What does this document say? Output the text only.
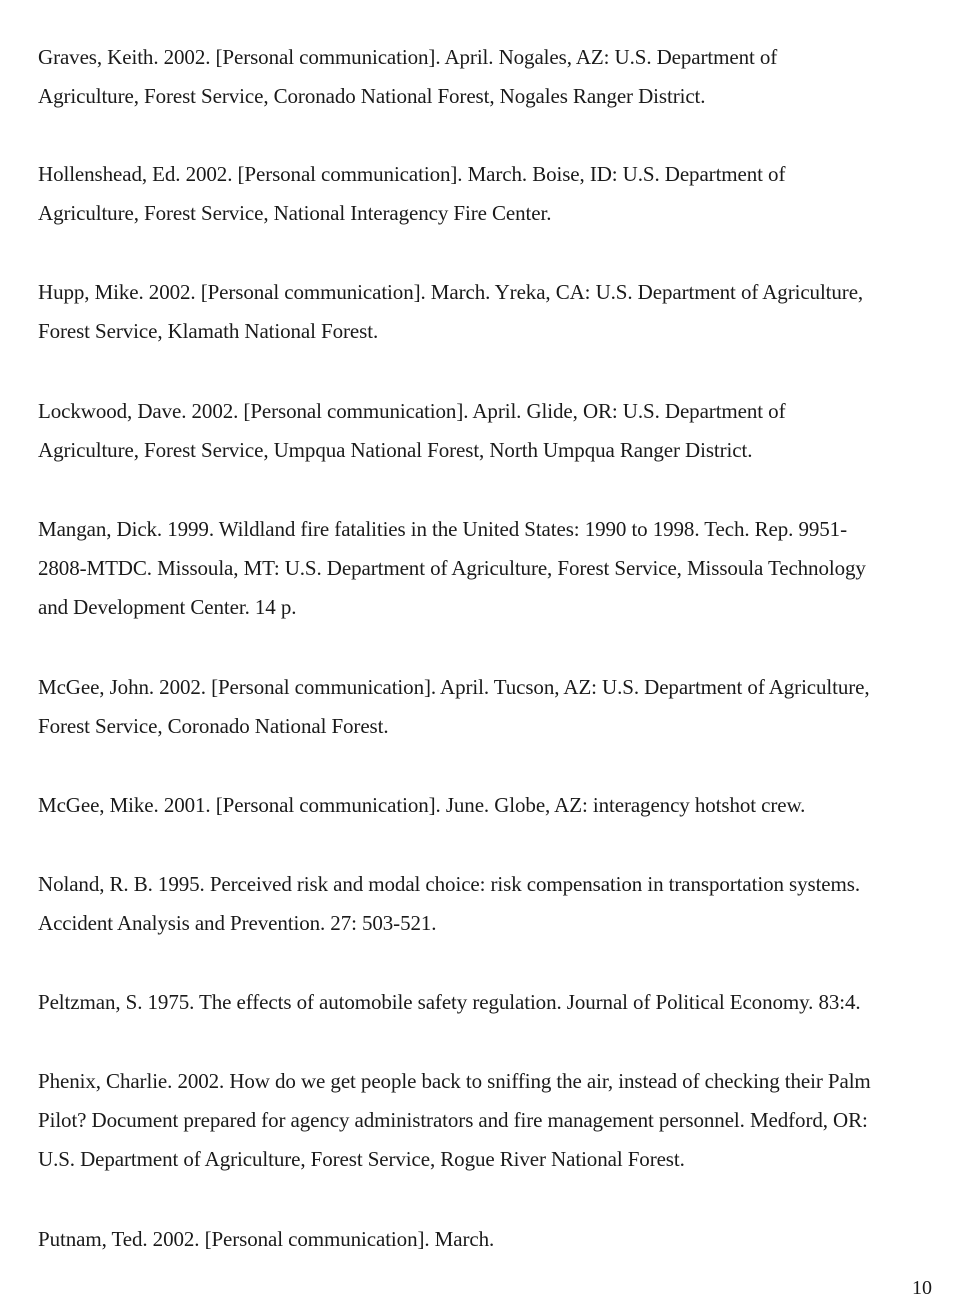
Graves, Keith. 2002. [Personal communication]. April. Nogales, AZ: U.S. Department of
Agriculture, Forest Service, Coronado National Forest, Nogales Ranger District.
Hollenshead, Ed. 2002. [Personal communication]. March. Boise, ID: U.S. Department of
Agriculture, Forest Service, National Interagency Fire Center.
Hupp, Mike. 2002. [Personal communication]. March. Yreka, CA: U.S. Department of Agriculture,
Forest Service, Klamath National Forest.
Lockwood, Dave. 2002. [Personal communication]. April. Glide, OR: U.S. Department of
Agriculture, Forest Service, Umpqua National Forest, North Umpqua Ranger District.
Mangan, Dick. 1999. Wildland fire fatalities in the United States: 1990 to 1998. Tech. Rep. 9951-
2808-MTDC. Missoula, MT: U.S. Department of Agriculture, Forest Service, Missoula Technology
and Development Center. 14 p.
McGee, John. 2002. [Personal communication]. April. Tucson, AZ: U.S. Department of Agriculture,
Forest Service, Coronado National Forest.
McGee, Mike. 2001. [Personal communication]. June. Globe, AZ: interagency hotshot crew.
Noland, R. B. 1995. Perceived risk and modal choice: risk compensation in transportation systems.
Accident Analysis and Prevention. 27: 503-521.
Peltzman, S. 1975. The effects of automobile safety regulation. Journal of Political Economy. 83:4.
Phenix, Charlie. 2002. How do we get people back to sniffing the air, instead of checking their Palm
Pilot? Document prepared for agency administrators and fire management personnel. Medford, OR:
U.S. Department of Agriculture, Forest Service, Rogue River National Forest.
Putnam, Ted. 2002. [Personal communication]. March.
10
